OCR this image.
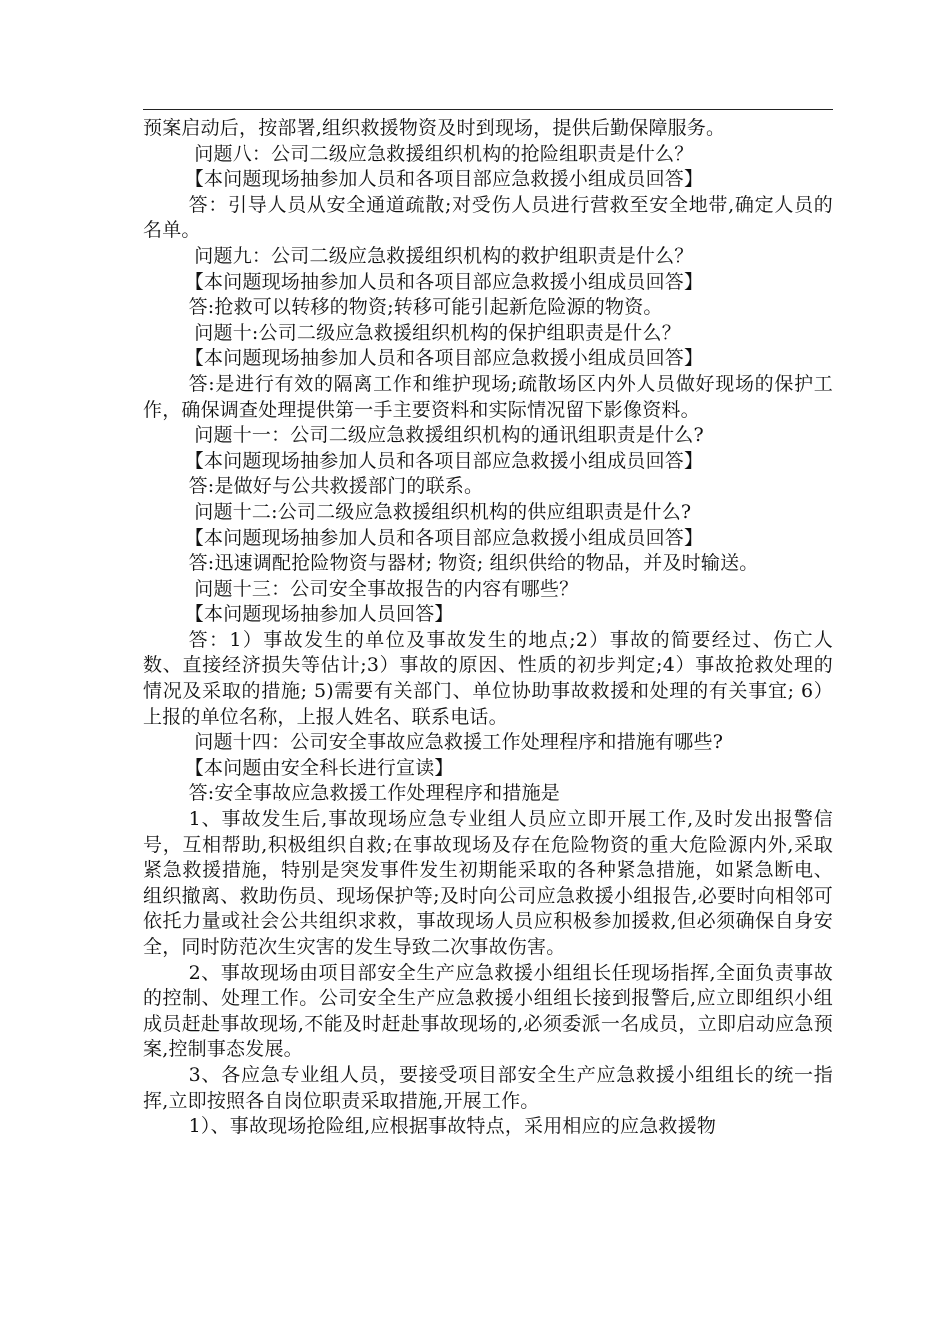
预案启动后，按部署,组织救援物资及时到现场，提供后勤保障服务。

问题八：公司二级应急救援组织机构的抢险组职责是什么？

【本问题现场抽参加人员和各项目部应急救援小组成员回答】

答：引导人员从安全通道疏散;对受伤人员进行营救至安全地带,确定人员的名单。

问题九：公司二级应急救援组织机构的救护组职责是什么？

【本问题现场抽参加人员和各项目部应急救援小组成员回答】

答:抢救可以转移的物资;转移可能引起新危险源的物资。

问题十:公司二级应急救援组织机构的保护组职责是什么？

【本问题现场抽参加人员和各项目部应急救援小组成员回答】

答:是进行有效的隔离工作和维护现场;疏散场区内外人员做好现场的保护工作，确保调查处理提供第一手主要资料和实际情况留下影像资料。

问题十一：公司二级应急救援组织机构的通讯组职责是什么?

【本问题现场抽参加人员和各项目部应急救援小组成员回答】

答:是做好与公共救援部门的联系。

问题十二:公司二级应急救援组织机构的供应组职责是什么?

【本问题现场抽参加人员和各项目部应急救援小组成员回答】

答:迅速调配抢险物资与器材; 物资; 组织供给的物品，并及时输送。

问题十三：公司安全事故报告的内容有哪些？

【本问题现场抽参加人员回答】

答：1）事故发生的单位及事故发生的地点;2）事故的简要经过、伤亡人数、直接经济损失等估计;3）事故的原因、性质的初步判定;4）事故抢救处理的情况及采取的措施; 5)需要有关部门、单位协助事故救援和处理的有关事宜; 6）上报的单位名称，上报人姓名、联系电话。

问题十四：公司安全事故应急救援工作处理程序和措施有哪些?

【本问题由安全科长进行宣读】

答:安全事故应急救援工作处理程序和措施是

1、事故发生后,事故现场应急专业组人员应立即开展工作,及时发出报警信号，互相帮助,积极组织自救;在事故现场及存在危险物资的重大危险源内外,采取紧急救援措施，特别是突发事件发生初期能采取的各种紧急措施，如紧急断电、组织撤离、救助伤员、现场保护等;及时向公司应急救援小组报告,必要时向相邻可依托力量或社会公共组织求救，事故现场人员应积极参加援救,但必须确保自身安全，同时防范次生灾害的发生导致二次事故伤害。

2、事故现场由项目部安全生产应急救援小组组长任现场指挥,全面负责事故的控制、处理工作。公司安全生产应急救援小组组长接到报警后,应立即组织小组成员赶赴事故现场,不能及时赶赴事故现场的,必须委派一名成员，立即启动应急预案,控制事态发展。

3、各应急专业组人员，要接受项目部安全生产应急救援小组组长的统一指挥,立即按照各自岗位职责采取措施,开展工作。

1）、事故现场抢险组,应根据事故特点，采用相应的应急救援物
